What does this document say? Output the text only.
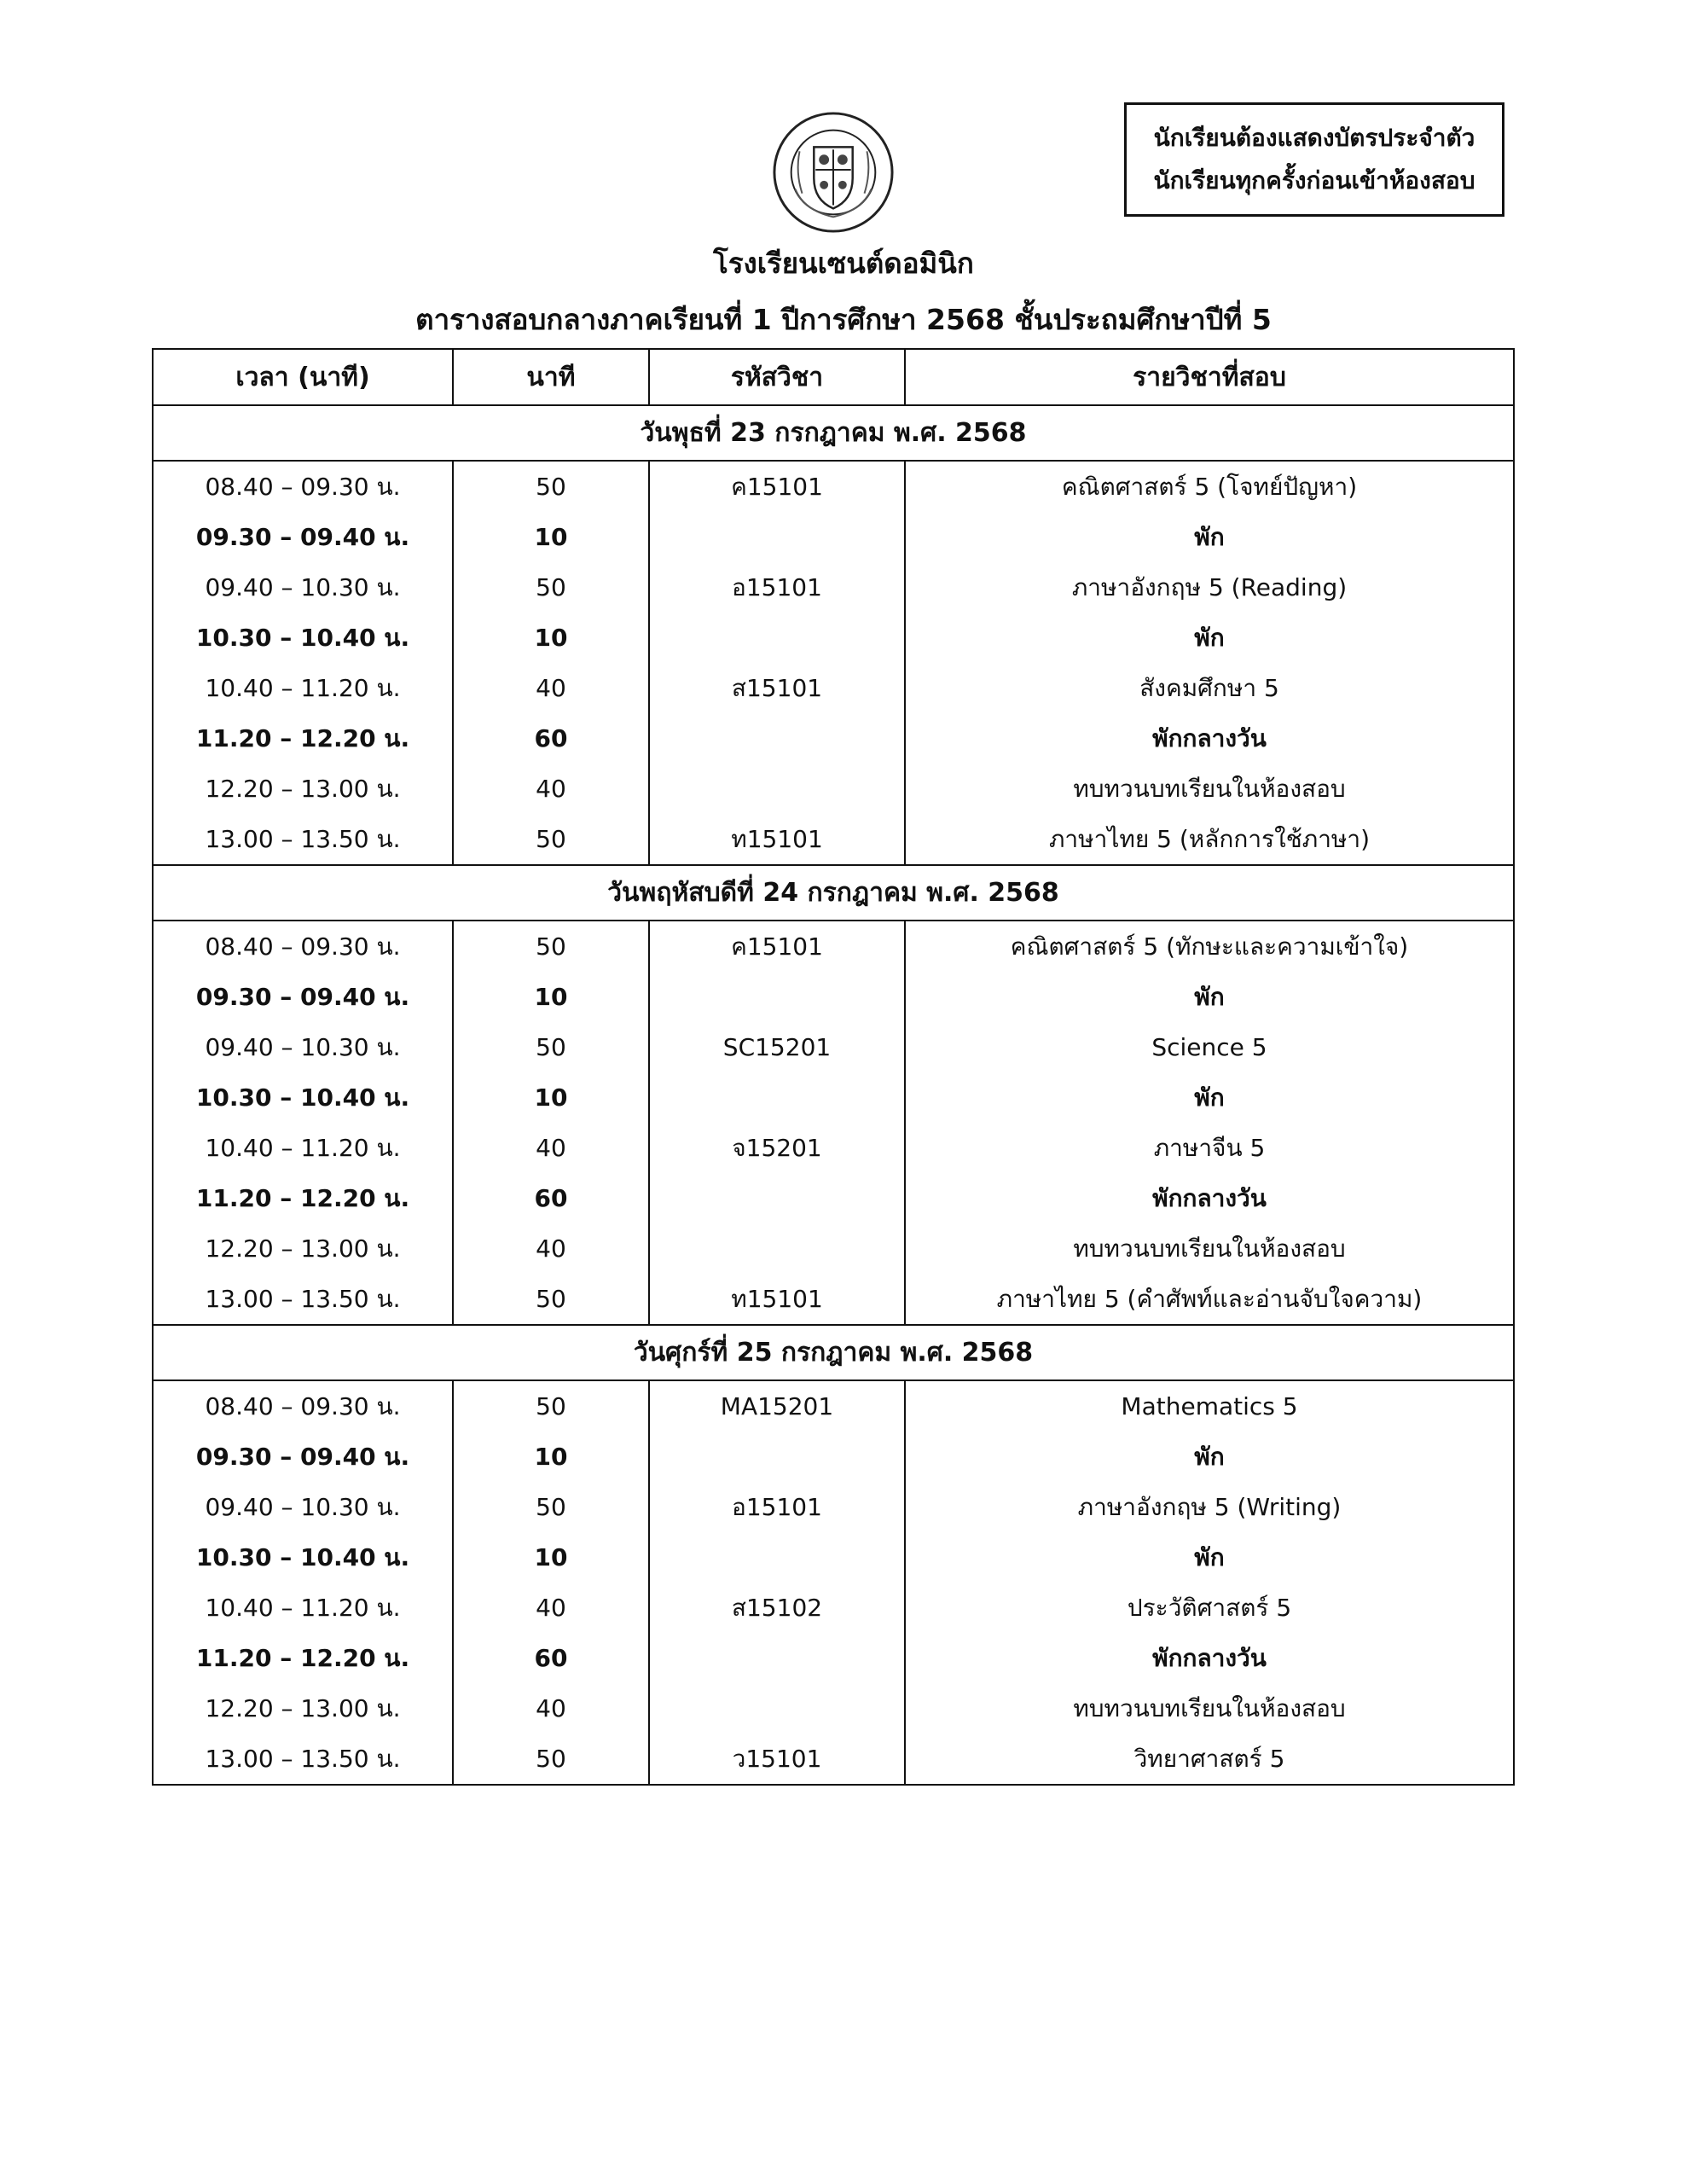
นักเรียนต้องแสดงบัตรประจำตัว
นักเรียนทุกครั้งก่อนเข้าห้องสอบ
โรงเรียนเซนต์ดอมินิก
ตารางสอบกลางภาคเรียนที่ 1 ปีการศึกษา 2568 ชั้นประถมศึกษาปีที่ 5
เวลา (นาที)	นาที	รหัสวิชา	รายวิชาที่สอบ
วันพุธที่ 23 กรกฎาคม พ.ศ. 2568			
08.40 – 09.30 น.	50	ค15101	คณิตศาสตร์ 5 (โจทย์ปัญหา)
09.30 – 09.40 น.	10		พัก
09.40 – 10.30 น.	50	อ15101	ภาษาอังกฤษ 5 (Reading)
10.30 – 10.40 น.	10		พัก
10.40 – 11.20 น.	40	ส15101	สังคมศึกษา 5
11.20 – 12.20 น.	60		พักกลางวัน
12.20 – 13.00 น.	40		ทบทวนบทเรียนในห้องสอบ
13.00 – 13.50 น.	50	ท15101	ภาษาไทย 5 (หลักการใช้ภาษา)
วันพฤหัสบดีที่ 24 กรกฎาคม พ.ศ. 2568			
08.40 – 09.30 น.	50	ค15101	คณิตศาสตร์ 5 (ทักษะและความเข้าใจ)
09.30 – 09.40 น.	10		พัก
09.40 – 10.30 น.	50	SC15201	Science 5
10.30 – 10.40 น.	10		พัก
10.40 – 11.20 น.	40	จ15201	ภาษาจีน 5
11.20 – 12.20 น.	60		พักกลางวัน
12.20 – 13.00 น.	40		ทบทวนบทเรียนในห้องสอบ
13.00 – 13.50 น.	50	ท15101	ภาษาไทย 5 (คำศัพท์และอ่านจับใจความ)
วันศุกร์ที่ 25 กรกฎาคม พ.ศ. 2568			
08.40 – 09.30 น.	50	MA15201	Mathematics 5
09.30 – 09.40 น.	10		พัก
09.40 – 10.30 น.	50	อ15101	ภาษาอังกฤษ 5 (Writing)
10.30 – 10.40 น.	10		พัก
10.40 – 11.20 น.	40	ส15102	ประวัติศาสตร์ 5
11.20 – 12.20 น.	60		พักกลางวัน
12.20 – 13.00 น.	40		ทบทวนบทเรียนในห้องสอบ
13.00 – 13.50 น.	50	ว15101	วิทยาศาสตร์ 5
